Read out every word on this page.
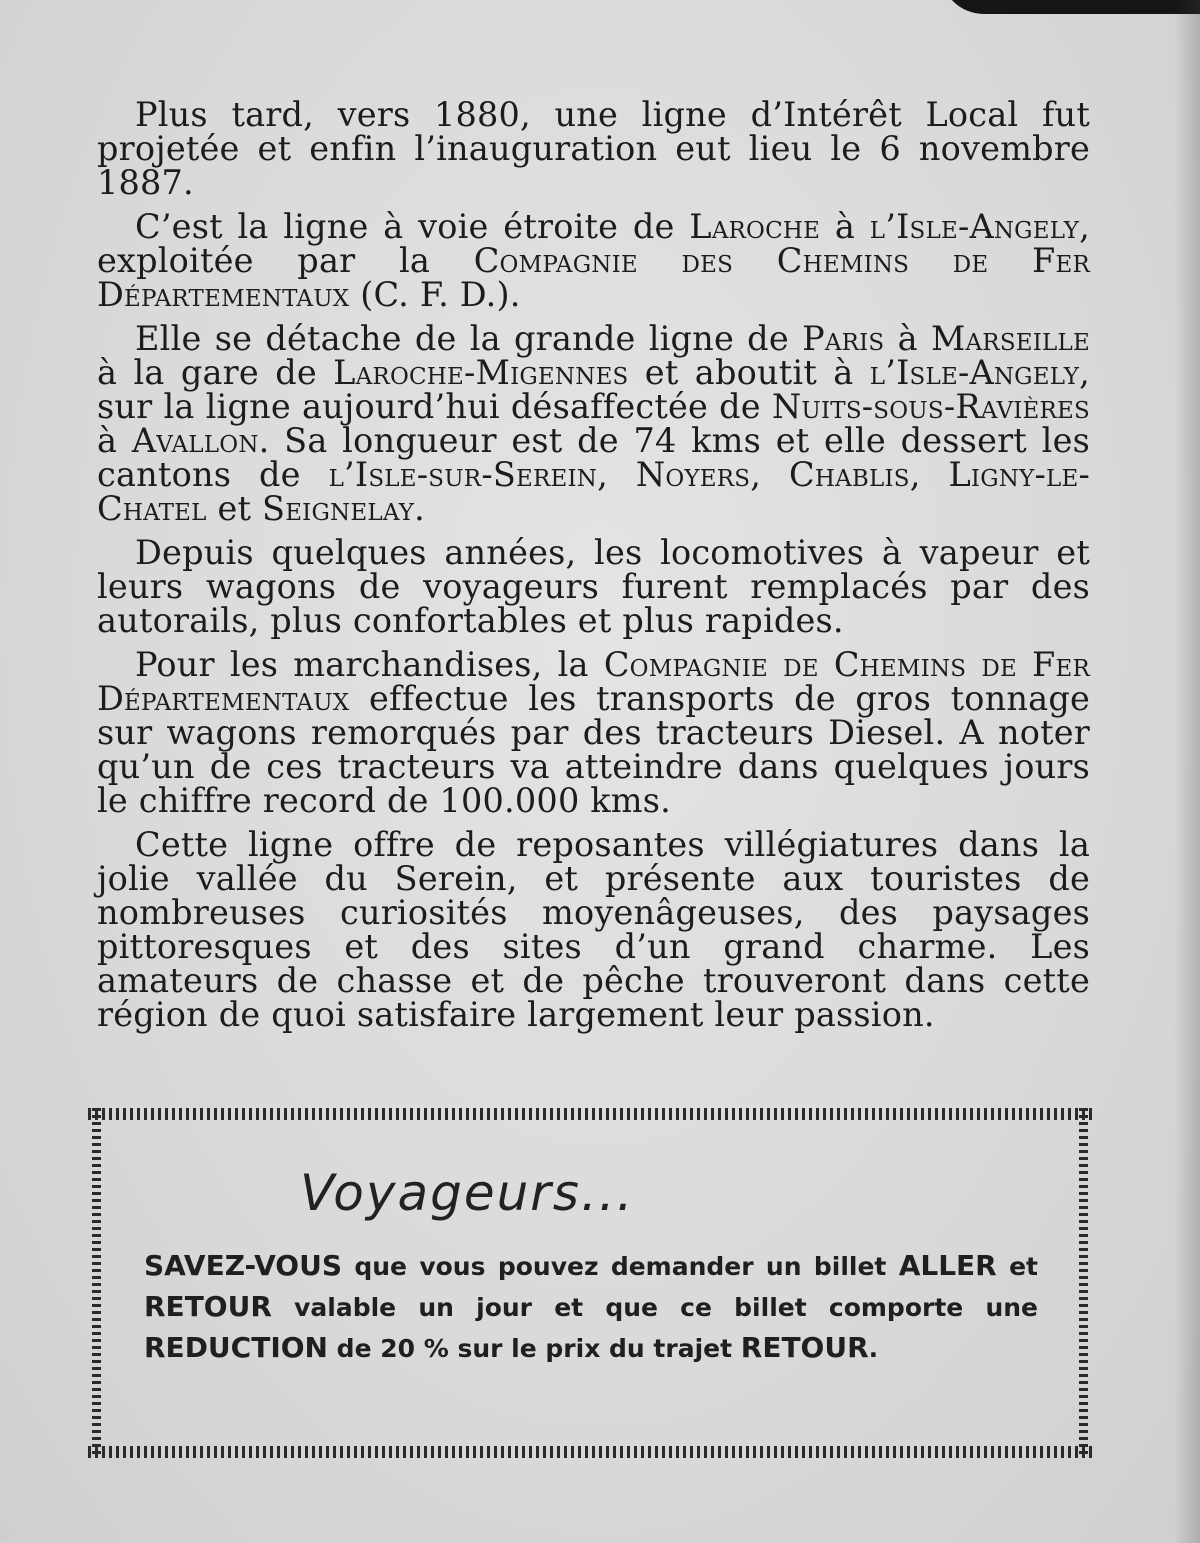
Plus tard, vers 1880, une ligne d’Intérêt Local fut projetée et enfin l’inauguration eut lieu le 6 novembre 1887.

C’est la ligne à voie étroite de Laroche à l’Isle-Angely, exploitée par la Compagnie des Chemins de Fer Départementaux (C. F. D.).

Elle se détache de la grande ligne de Paris à Marseille à la gare de Laroche-Migennes et aboutit à l’Isle-Angely, sur la ligne aujourd’hui désaffectée de Nuits-sous-Ravières à Avallon. Sa longueur est de 74 kms et elle dessert les cantons de l’Isle-sur-Serein, Noyers, Chablis, Ligny-le-Chatel et Seignelay.

Depuis quelques années, les locomotives à vapeur et leurs wagons de voyageurs furent remplacés par des autorails, plus confortables et plus rapides.

Pour les marchandises, la Compagnie de Chemins de Fer Départementaux effectue les transports de gros tonnage sur wagons remorqués par des tracteurs Diesel. A noter qu’un de ces tracteurs va atteindre dans quelques jours le chiffre record de 100.000 kms.

Cette ligne offre de reposantes villégiatures dans la jolie vallée du Serein, et présente aux touristes de nombreuses curiosités moyenâgeuses, des paysages pittoresques et des sites d’un grand charme. Les amateurs de chasse et de pêche trouveront dans cette région de quoi satisfaire largement leur passion.

Voyageurs...
SAVEZ-VOUS que vous pouvez demander un billet ALLER et RETOUR valable un jour et que ce billet comporte une REDUCTION de 20 % sur le prix du trajet RETOUR.
